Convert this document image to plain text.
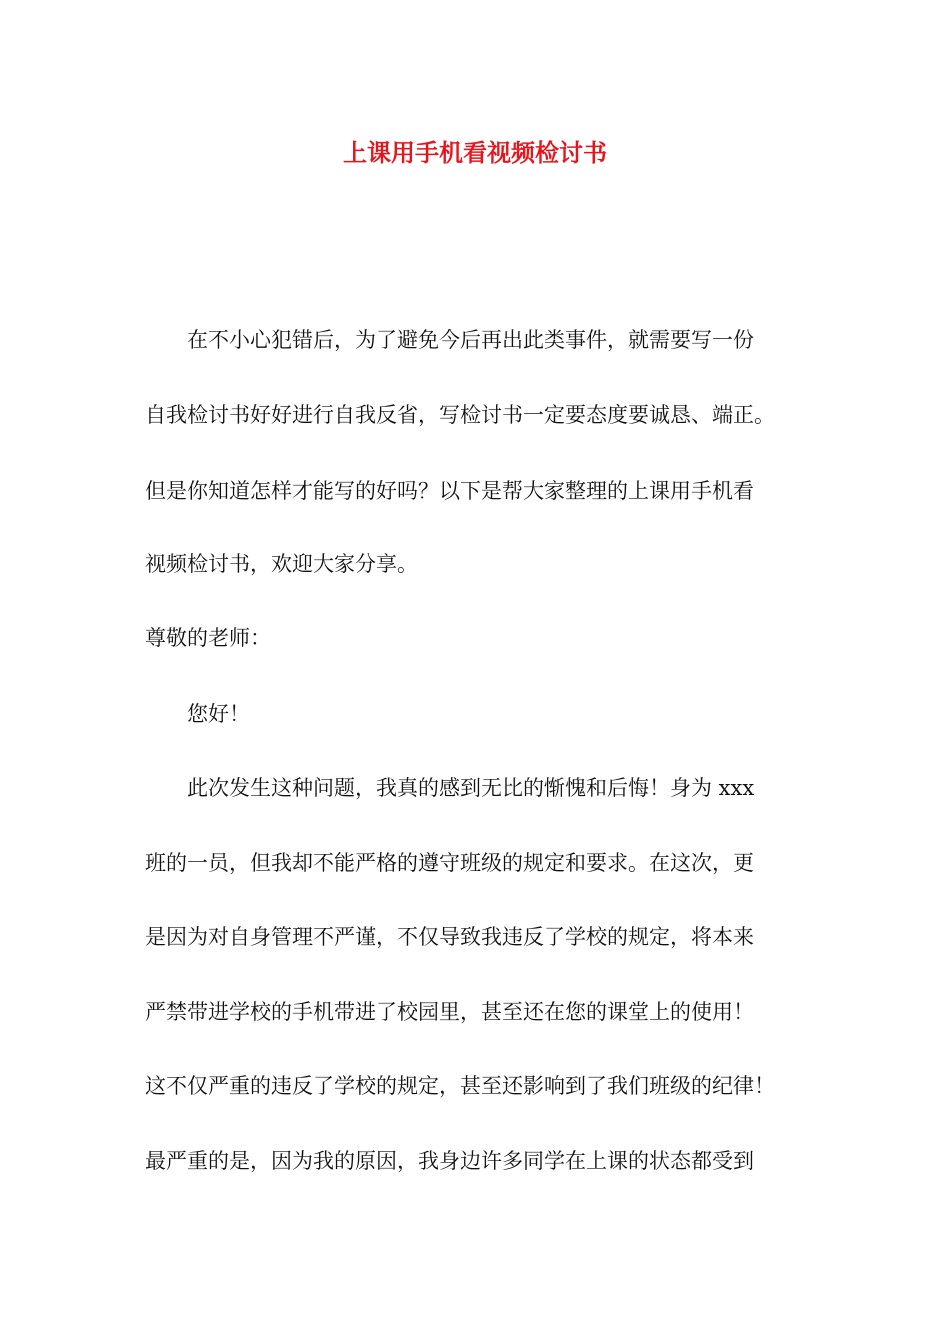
上课用手机看视频检讨书
　　在不小心犯错后，为了避免今后再出此类事件，就需要写一份
自我检讨书好好进行自我反省，写检讨书一定要态度要诚恳、端正。
但是你知道怎样才能写的好吗？以下是帮大家整理的上课用手机看
视频检讨书，欢迎大家分享。
尊敬的老师：
　　您好！
　　此次发生这种问题，我真的感到无比的惭愧和后悔！身为 xxx
班的一员，但我却不能严格的遵守班级的规定和要求。在这次，更
是因为对自身管理不严谨，不仅导致我违反了学校的规定，将本来
严禁带进学校的手机带进了校园里，甚至还在您的课堂上的使用！
这不仅严重的违反了学校的规定，甚至还影响到了我们班级的纪律！
最严重的是，因为我的原因，我身边许多同学在上课的状态都受到
